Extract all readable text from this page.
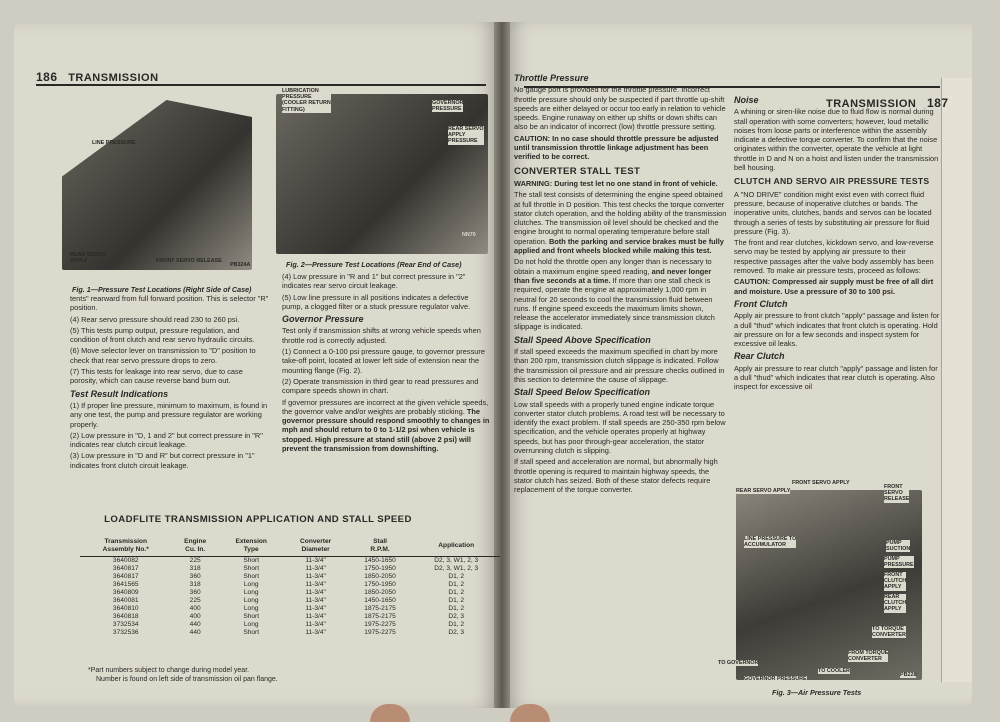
186 TRANSMISSION
LINE PRESSURE
REAR SERVO
APPLY	FRONT SERVO RELEASE
PB324A
Fig. 1—Pressure Test Locations (Right Side of Case)
LUBRICATION
PRESSURE
(COOLER RETURN
FITTING)
GOVERNOR
PRESSURE
REAR SERVO
APPLY
PRESSURE
NN70
Fig. 2—Pressure Test Locations (Rear End of Case)

tents" rearward from full forward position. This is selector "R" position.

(4) Rear servo pressure should read 230 to 260 psi.

(5) This tests pump output, pressure regulation, and condition of front clutch and rear servo hydraulic circuits.

(6) Move selector lever on transmission to "D" position to check that rear servo pressure drops to zero.

(7) This tests for leakage into rear servo, due to case porosity, which can cause reverse band burn out.

Test Result Indications

(1) If proper line pressure, minimum to maximum, is found in any one test, the pump and pressure regulator are working properly.

(2) Low pressure in "D, 1 and 2" but correct pressure in "R" indicates rear clutch circuit leakage.

(3) Low pressure in "D and R" but correct pressure in "1" indicates front clutch circuit leakage.

(4) Low pressure in "R and 1" but correct pressure in "2" indicates rear servo circuit leakage.

(5) Low line pressure in all positions indicates a defective pump, a clogged filter or a stuck pressure regulator valve.

Governor Pressure

Test only if transmission shifts at wrong vehicle speeds when throttle rod is correctly adjusted.

(1) Connect a 0-100 psi pressure gauge, to governor pressure take-off point, located at lower left side of extension near the mounting flange (Fig. 2).

(2) Operate transmission in third gear to read pressures and compare speeds shown in chart.

If governor pressures are incorrect at the given vehicle speeds, the governor valve and/or weights are probably sticking. The governor pressure should respond smoothly to changes in mph and should return to 0 to 1-1/2 psi when vehicle is stopped. High pressure at stand still (above 2 psi) will prevent the transmission from downshifting.

LOADFLITE TRANSMISSION APPLICATION AND STALL SPEED
Transmission
Assembly No.*	Engine
Cu. In.	Extension
Type	Converter
Diameter	Stall
R.P.M.	Application
3640082	225	Short	11-3/4"	1450-1650	D2, 3, W1, 2, 3
3640817	318	Short	11-3/4"	1750-1950	D2, 3, W1, 2, 3
3640817	360	Short	11-3/4"	1850-2050	D1, 2
3641565	318	Long	11-3/4"	1750-1950	D1, 2
3640809	360	Long	11-3/4"	1850-2050	D1, 2
3640081	225	Long	11-3/4"	1450-1650	D1, 2
3640810	400	Long	11-3/4"	1875-2175	D1, 2
3640818	400	Short	11-3/4"	1875-2175	D2, 3
3732534	440	Long	11-3/4"	1975-2275	D1, 2
3732536	440	Short	11-3/4"	1975-2275	D2, 3
*Part numbers subject to change during model year.
Number is found on left side of transmission oil pan flange.
TRANSMISSION 187
Throttle Pressure

No gauge port is provided for the throttle pressure. Incorrect throttle pressure should only be suspected if part throttle up-shift speeds are either delayed or occur too early in relation to vehicle speeds. Engine runaway on either up shifts or down shifts can also be an indicator of incorrect (low) throttle pressure setting.

CAUTION: In no case should throttle pressure be adjusted until transmission throttle linkage adjustment has been verified to be correct.

CONVERTER STALL TEST

WARNING: During test let no one stand in front of vehicle.

The stall test consists of determining the engine speed obtained at full throttle in D position. This test checks the torque converter stator clutch operation, and the holding ability of the transmission clutches. The transmission oil level should be checked and the engine brought to normal operating temperature before stall operation. Both the parking and service brakes must be fully applied and front wheels blocked while making this test.

Do not hold the throttle open any longer than is necessary to obtain a maximum engine speed reading, and never longer than five seconds at a time. If more than one stall check is required, operate the engine at approximately 1,000 rpm in neutral for 20 seconds to cool the transmission fluid between runs. If engine speed exceeds the maximum limits shown, release the accelerator immediately since transmission clutch slippage is indicated.

Stall Speed Above Specification

If stall speed exceeds the maximum specified in chart by more than 200 rpm, transmission clutch slippage is indicated. Follow the transmission oil pressure and air pressure checks outlined in this section to determine the cause of slippage.

Stall Speed Below Specification

Low stall speeds with a properly tuned engine indicate torque converter stator clutch problems. A road test will be necessary to identify the exact problem. If stall speeds are 250-350 rpm below specification, and the vehicle operates properly at highway speeds, but has poor through-gear acceleration, the stator overrunning clutch is slipping.

If stall speed and acceleration are normal, but abnormally high throttle opening is required to maintain highway speeds, the stator clutch has seized. Both of these stator defects require replacement of the torque converter.

Noise

A whining or siren-like noise due to fluid flow is normal during stall operation with some converters; however, loud metallic noises from loose parts or interference within the assembly indicate a defective torque converter. To confirm that the noise originates within the converter, operate the vehicle at light throttle in D and N on a hoist and listen under the transmission bell housing.

CLUTCH AND SERVO AIR PRESSURE TESTS

A "NO DRIVE" condition might exist even with correct fluid pressure, because of inoperative clutches or bands. The inoperative units, clutches, bands and servos can be located through a series of tests by substituting air pressure for fluid pressure (Fig. 3).

The front and rear clutches, kickdown servo, and low-reverse servo may be tested by applying air pressure to their respective passages after the valve body assembly has been removed. To make air pressure tests, proceed as follows:

CAUTION: Compressed air supply must be free of all dirt and moisture. Use a pressure of 30 to 100 psi.

Front Clutch

Apply air pressure to front clutch "apply" passage and listen for a dull "thud" which indicates that front clutch is operating. Hold air pressure on for a few seconds and inspect system for excessive oil leaks.

Rear Clutch

Apply air pressure to rear clutch "apply" passage and listen for a dull "thud" which indicates that rear clutch is operating. Also inspect for excessive oil

FRONT SERVO APPLY
REAR SERVO APPLY
FRONT
SERVO
RELEASE
LINE PRESSURE TO
ACCUMULATOR	PUMP
SUCTION
PUMP
PRESSURE
FRONT
CLUTCH
APPLY
REAR
CLUTCH
APPLY
TO TORQUE
CONVERTER
FROM TORQUE
CONVERTER
TO GOVERNOR
GOVERNOR PRESSURE
TO COOLER
PB228
Fig. 3—Air Pressure Tests
